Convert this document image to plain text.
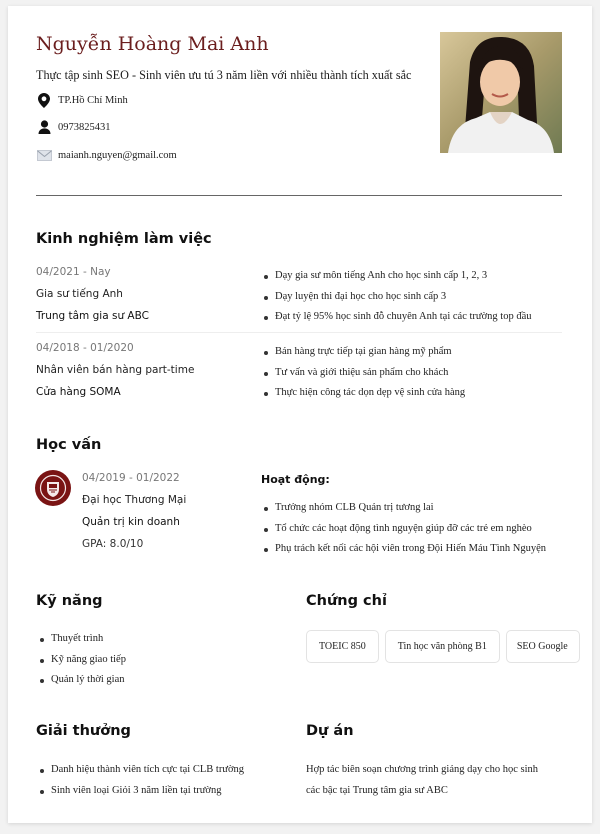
Nguyễn Hoàng Mai Anh
Thực tập sinh SEO - Sinh viên ưu tú 3 năm liền với nhiều thành tích xuất sắc
TP.Hồ Chí Minh
0973825431
maianh.nguyen@gmail.com
Kinh nghiệm làm việc
04/2021 - Nay
Gia sư tiếng Anh
Trung tâm gia sư ABC
Dạy gia sư môn tiếng Anh cho học sinh cấp 1, 2, 3
Dạy luyện thi đại học cho học sinh cấp 3
Đạt tỷ lệ 95% học sinh đỗ chuyên Anh tại các trường top đầu
04/2018 - 01/2020
Nhân viên bán hàng part-time
Cửa hàng SOMA
Bán hàng trực tiếp tại gian hàng mỹ phẩm
Tư vấn và giới thiệu sản phẩm cho khách
Thực hiện công tác dọn dẹp vệ sinh cửa hàng
Học vấn
04/2019 - 01/2022
Đại học Thương Mại
Quản trị kin doanh
GPA: 8.0/10
Hoạt động:
Trưởng nhóm CLB Quản trị tương lai
Tổ chức các hoạt động tình nguyện giúp đỡ các trẻ em nghèo
Phụ trách kết nối các hội viên trong Đội Hiến Máu Tình Nguyện
Kỹ năng
Thuyết trình
Kỹ năng giao tiếp
Quản lý thời gian
Chứng chỉ
TOEIC 850	Tin học văn phòng B1	SEO Google
Giải thưởng
Danh hiệu thành viên tích cực tại CLB trường
Sinh viên loại Giỏi 3 năm liền tại trường
Dự án
Hợp tác biên soạn chương trình giảng dạy cho học sinh
các bậc tại Trung tâm gia sư ABC
